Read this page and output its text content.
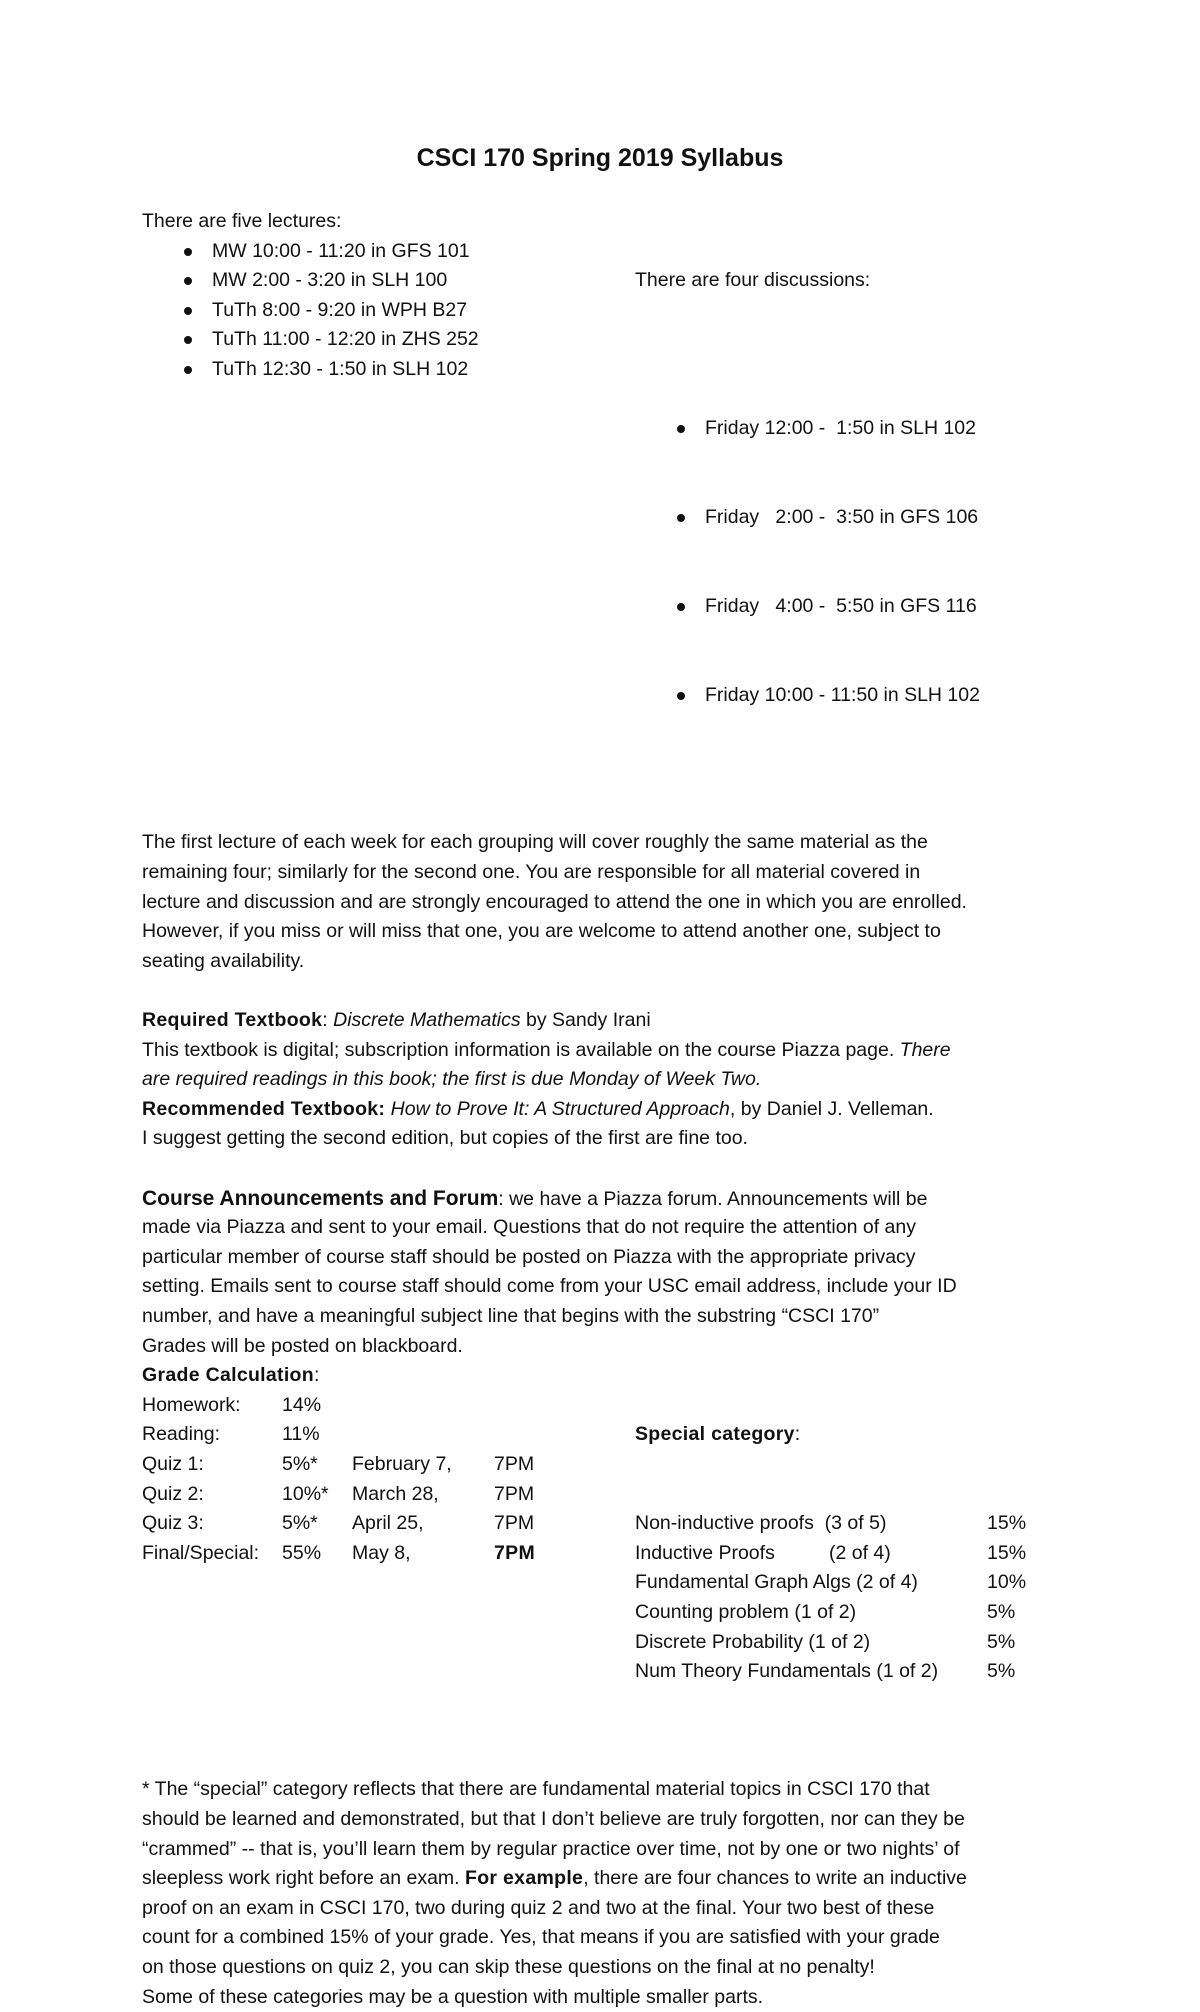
CSCI 170 Spring 2019 Syllabus
There are five lectures:
MW 10:00 - 11:20 in GFS 101
MW 2:00 - 3:20 in SLH 100
TuTh 8:00 - 9:20 in WPH B27
TuTh 11:00 - 12:20 in ZHS 252
TuTh 12:30 - 1:50 in SLH 102

There are four discussions:

Friday 12:00 -  1:50 in SLH 102

Friday   2:00 -  3:50 in GFS 106

Friday   4:00 -  5:50 in GFS 116

Friday 10:00 - 11:50 in SLH 102

The first lecture of each week for each grouping will cover roughly the same material as the
remaining four; similarly for the second one. You are responsible for all material covered in
lecture and discussion and are strongly encouraged to attend the one in which you are enrolled.
However, if you miss or will miss that one, you are welcome to attend another one, subject to
seating availability.
Required Textbook: Discrete Mathematics by Sandy Irani
This textbook is digital; subscription information is available on the course Piazza page. There
are required readings in this book; the first is due Monday of Week Two.
Recommended Textbook: How to Prove It: A Structured Approach, by Daniel J. Velleman.
I suggest getting the second edition, but copies of the first are fine too.
Course Announcements and Forum: we have a Piazza forum. Announcements will be
made via Piazza and sent to your email. Questions that do not require the attention of any
particular member of course staff should be posted on Piazza with the appropriate privacy
setting. Emails sent to course staff should come from your USC email address, include your ID
number, and have a meaningful subject line that begins with the substring “CSCI 170”
Grades will be posted on blackboard.
Grade Calculation :
Homework:	14%
Reading:	11%
Quiz 1:	5%*	February 7,	7PM
Quiz 2:	10%*	March 28,	7PM
Quiz 3:	5%*	April 25,	7PM
Final/Special:	55%	May 8,	7PM

Special category :

Non-inductive proofs  (3 of 5)	15%
Inductive Proofs          (2 of 4)	15%
Fundamental Graph Algs (2 of 4)	10%
Counting problem (1 of 2)	5%
Discrete Probability (1 of 2)	5%
Num Theory Fundamentals (1 of 2)	5%

* The “special” category reflects that there are fundamental material topics in CSCI 170 that
should be learned and demonstrated, but that I don’t believe are truly forgotten, nor can they be
“crammed” -- that is, you’ll learn them by regular practice over time, not by one or two nights’ of
sleepless work right before an exam. For example, there are four chances to write an inductive
proof on an exam in CSCI 170, two during quiz 2 and two at the final. Your two best of these
count for a combined 15% of your grade. Yes, that means if you are satisfied with your grade
on those questions on quiz 2, you can skip these questions on the final at no penalty!
Some of these categories may be a question with multiple smaller parts.
